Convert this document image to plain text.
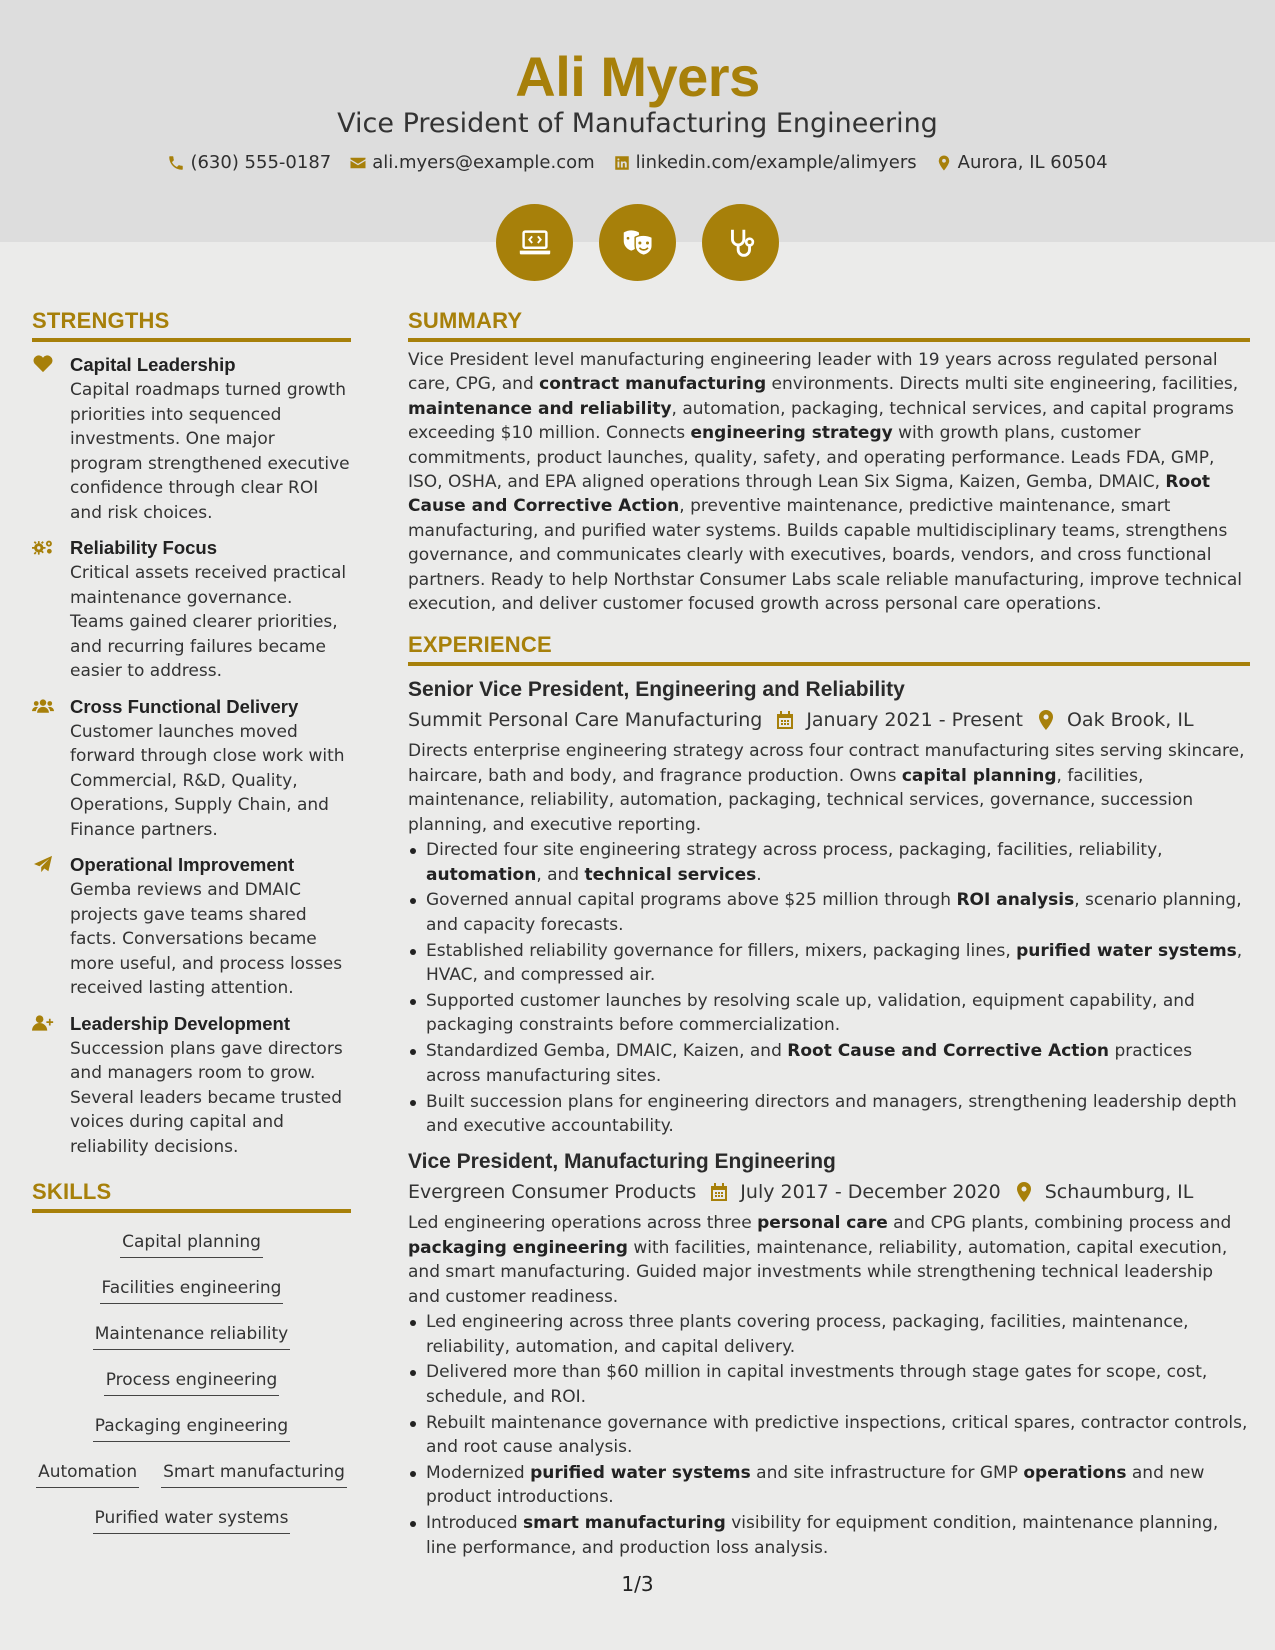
Ali Myers
Vice President of Manufacturing Engineering
(630) 555-0187 ali.myers@example.com linkedin.com/example/alimyers Aurora, IL 60504
STRENGTHS
Capital Leadership
Capital roadmaps turned growth priorities into sequenced investments. One major program strengthened executive confidence through clear ROI and risk choices.
Reliability Focus
Critical assets received practical maintenance governance. Teams gained clearer priorities, and recurring failures became easier to address.
Cross Functional Delivery
Customer launches moved forward through close work with Commercial, R&D, Quality, Operations, Supply Chain, and Finance partners.
Operational Improvement
Gemba reviews and DMAIC projects gave teams shared facts. Conversations became more useful, and process losses received lasting attention.
Leadership Development
Succession plans gave directors and managers room to grow. Several leaders became trusted voices during capital and reliability decisions.
SKILLS
Capital planning
Facilities engineering
Maintenance reliability
Process engineering
Packaging engineering
Automation Smart manufacturing
Purified water systems
SUMMARY
Vice President level manufacturing engineering leader with 19 years across regulated personal care, CPG, and contract manufacturing environments. Directs multi site engineering, facilities, maintenance and reliability, automation, packaging, technical services, and capital programs exceeding $10 million. Connects engineering strategy with growth plans, customer commitments, product launches, quality, safety, and operating performance. Leads FDA, GMP, ISO, OSHA, and EPA aligned operations through Lean Six Sigma, Kaizen, Gemba, DMAIC, Root Cause and Corrective Action, preventive maintenance, predictive maintenance, smart manufacturing, and purified water systems. Builds capable multidisciplinary teams, strengthens governance, and communicates clearly with executives, boards, vendors, and cross functional partners. Ready to help Northstar Consumer Labs scale reliable manufacturing, improve technical execution, and deliver customer focused growth across personal care operations.
EXPERIENCE
Senior Vice President, Engineering and Reliability
Summit Personal Care Manufacturing January 2021 - Present Oak Brook, IL
Directs enterprise engineering strategy across four contract manufacturing sites serving skincare, haircare, bath and body, and fragrance production. Owns capital planning, facilities, maintenance, reliability, automation, packaging, technical services, governance, succession planning, and executive reporting.
Directed four site engineering strategy across process, packaging, facilities, reliability, automation, and technical services.
Governed annual capital programs above $25 million through ROI analysis, scenario planning, and capacity forecasts.
Established reliability governance for fillers, mixers, packaging lines, purified water systems, HVAC, and compressed air.
Supported customer launches by resolving scale up, validation, equipment capability, and packaging constraints before commercialization.
Standardized Gemba, DMAIC, Kaizen, and Root Cause and Corrective Action practices across manufacturing sites.
Built succession plans for engineering directors and managers, strengthening leadership depth and executive accountability.
Vice President, Manufacturing Engineering
Evergreen Consumer Products July 2017 - December 2020 Schaumburg, IL
Led engineering operations across three personal care and CPG plants, combining process and packaging engineering with facilities, maintenance, reliability, automation, capital execution, and smart manufacturing. Guided major investments while strengthening technical leadership and customer readiness.
Led engineering across three plants covering process, packaging, facilities, maintenance, reliability, automation, and capital delivery.
Delivered more than $60 million in capital investments through stage gates for scope, cost, schedule, and ROI.
Rebuilt maintenance governance with predictive inspections, critical spares, contractor controls, and root cause analysis.
Modernized purified water systems and site infrastructure for GMP operations and new product introductions.
Introduced smart manufacturing visibility for equipment condition, maintenance planning, line performance, and production loss analysis.
1/3
